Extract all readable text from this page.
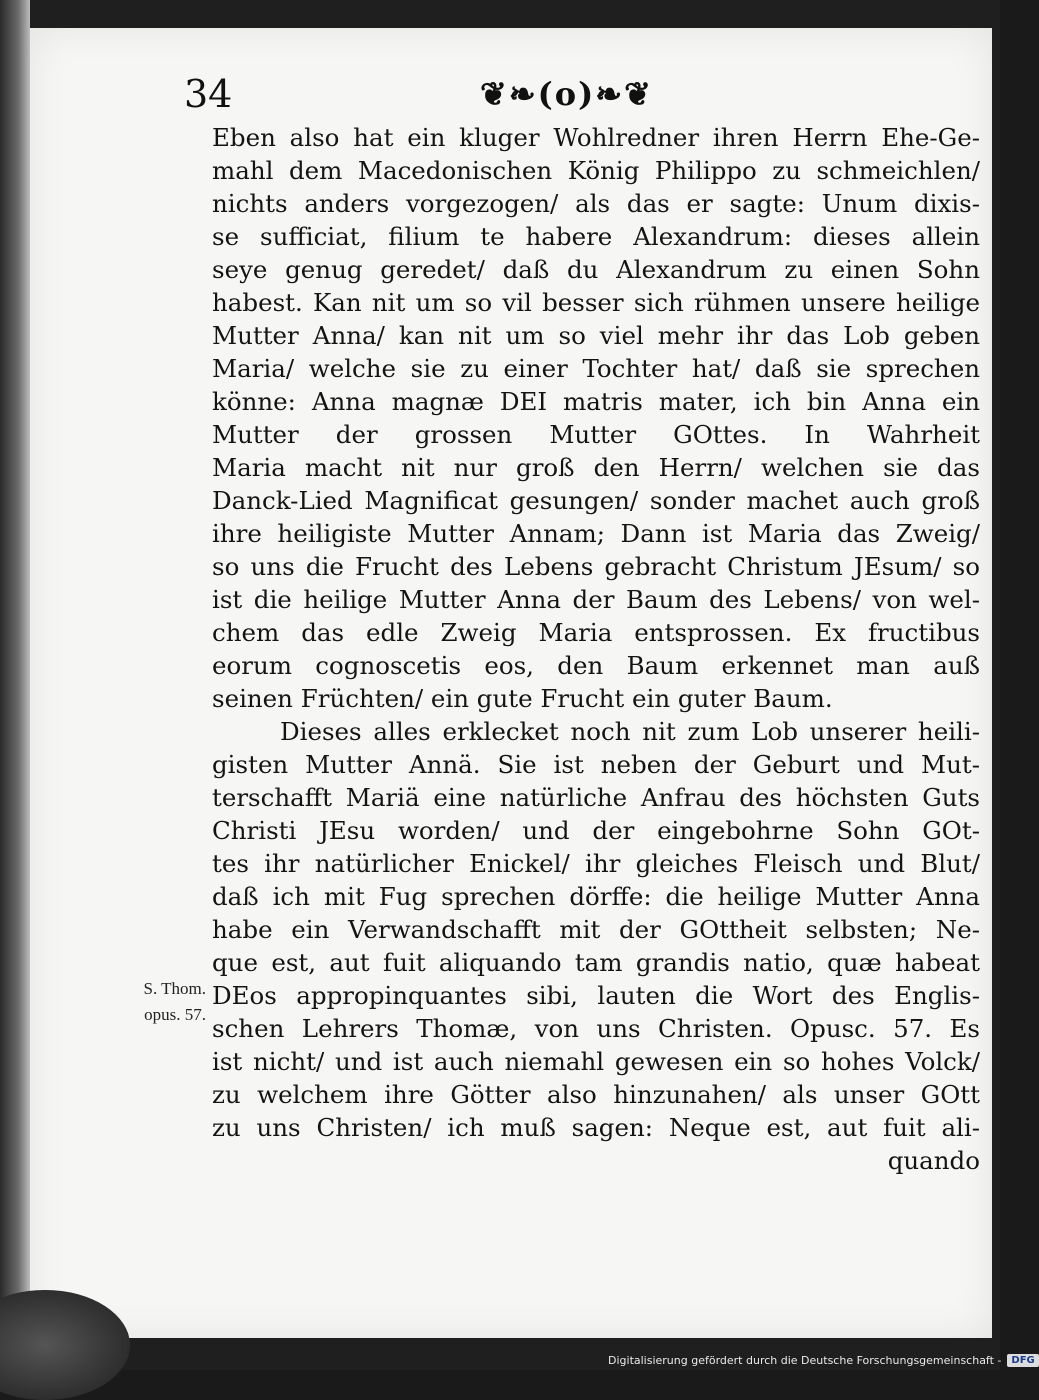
34	❦❧(o)❧❦
Eben also hat ein kluger Wohlredner ihren Herrn Ehe-Ge-
mahl dem Macedonischen König Philippo zu schmeichlen/
nichts anders vorgezogen/ als das er sagte: Unum dixis-
se sufficiat, filium te habere Alexandrum: dieses allein
seye genug geredet/ daß du Alexandrum zu einen Sohn
habest. Kan nit um so vil besser sich rühmen unsere heilige
Mutter Anna/ kan nit um so viel mehr ihr das Lob geben
Maria/ welche sie zu einer Tochter hat/ daß sie sprechen
könne: Anna magnæ DEI matris mater, ich bin Anna ein
Mutter der grossen Mutter GOttes. In Wahrheit
Maria macht nit nur groß den Herrn/ welchen sie das
Danck-Lied Magnificat gesungen/ sonder machet auch groß
ihre heiligiste Mutter Annam; Dann ist Maria das Zweig/
so uns die Frucht des Lebens gebracht Christum JEsum/ so
ist die heilige Mutter Anna der Baum des Lebens/ von wel-
chem das edle Zweig Maria entsprossen. Ex fructibus
eorum cognoscetis eos, den Baum erkennet man auß
seinen Früchten/ ein gute Frucht ein guter Baum.
Dieses alles erklecket noch nit zum Lob unserer heili-
gisten Mutter Annä. Sie ist neben der Geburt und Mut-
terschafft Mariä eine natürliche Anfrau des höchsten Guts
Christi JEsu worden/ und der eingebohrne Sohn GOt-
tes ihr natürlicher Enickel/ ihr gleiches Fleisch und Blut/
daß ich mit Fug sprechen dörffe: die heilige Mutter Anna
habe ein Verwandschafft mit der GOttheit selbsten; Ne-
que est, aut fuit aliquando tam grandis natio, quæ habeat
DEos appropinquantes sibi, lauten die Wort des Englis-
schen Lehrers Thomæ, von uns Christen. Opusc. 57. Es
ist nicht/ und ist auch niemahl gewesen ein so hohes Volck/
zu welchem ihre Götter also hinzunahen/ als unser GOtt
zu uns Christen/ ich muß sagen: Neque est, aut fuit ali-
quando
S. Thom.
opus. 57.
Digitalisierung gefördert durch die Deutsche Forschungsgemeinschaft -	DFG
